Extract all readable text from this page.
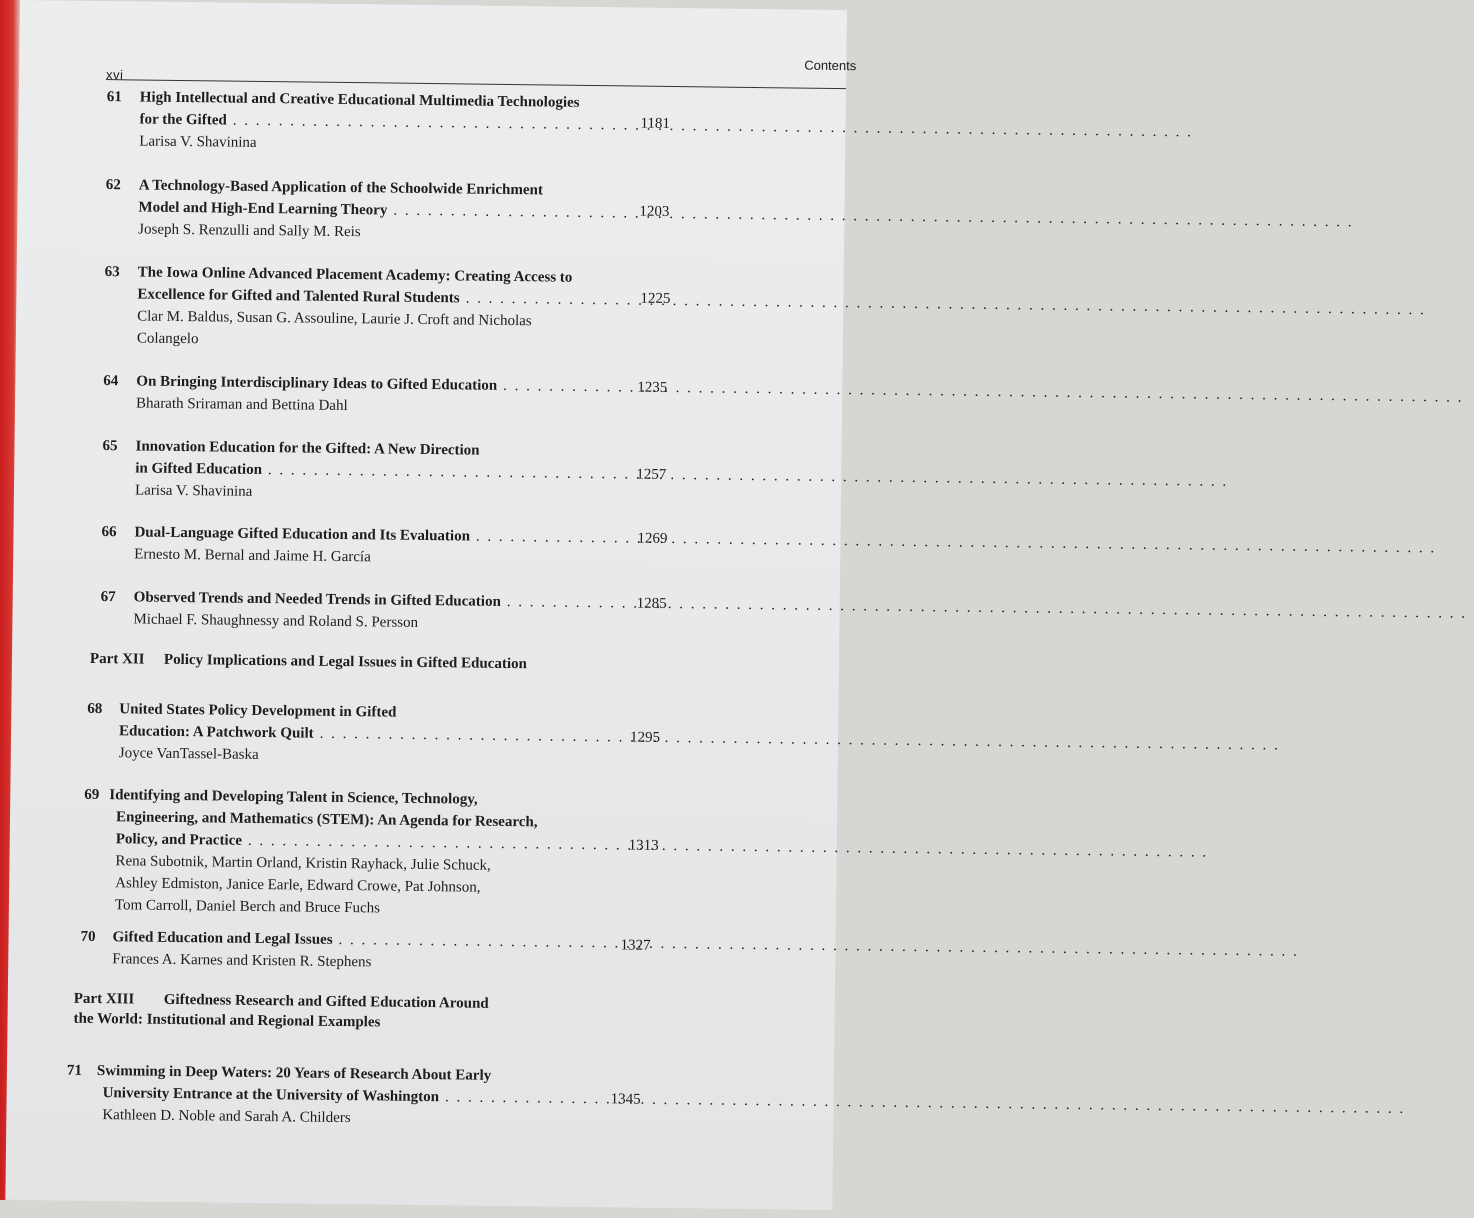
xvi
Contents
61 High Intellectual and Creative Educational Multimedia Technologies
for the Gifted . . .	1181
Larisa V. Shavinina
62 A Technology-Based Application of the Schoolwide Enrichment
Model and High-End Learning Theory . . .	1203
Joseph S. Renzulli and Sally M. Reis
63 The Iowa Online Advanced Placement Academy: Creating Access to
Excellence for Gifted and Talented Rural Students . . .	1225
Clar M. Baldus, Susan G. Assouline, Laurie J. Croft and Nicholas
Colangelo
64 On Bringing Interdisciplinary Ideas to Gifted Education . . .	1235
Bharath Sriraman and Bettina Dahl
65 Innovation Education for the Gifted: A New Direction
in Gifted Education . . .	1257
Larisa V. Shavinina
66 Dual-Language Gifted Education and Its Evaluation . . .	1269
Ernesto M. Bernal and Jaime H. García
67 Observed Trends and Needed Trends in Gifted Education . . .	1285
Michael F. Shaughnessy and Roland S. Persson
Part XII Policy Implications and Legal Issues in Gifted Education
68 United States Policy Development in Gifted
Education: A Patchwork Quilt . . .	1295
Joyce VanTassel-Baska
69 Identifying and Developing Talent in Science, Technology,
Engineering, and Mathematics (STEM): An Agenda for Research,
Policy, and Practice . . .	1313
Rena Subotnik, Martin Orland, Kristin Rayhack, Julie Schuck,
Ashley Edmiston, Janice Earle, Edward Crowe, Pat Johnson,
Tom Carroll, Daniel Berch and Bruce Fuchs
70 Gifted Education and Legal Issues . . .	1327
Frances A. Karnes and Kristen R. Stephens
Part XIII Giftedness Research and Gifted Education Around
the World: Institutional and Regional Examples
71 Swimming in Deep Waters: 20 Years of Research About Early
University Entrance at the University of Washington . . .	1345
Kathleen D. Noble and Sarah A. Childers
